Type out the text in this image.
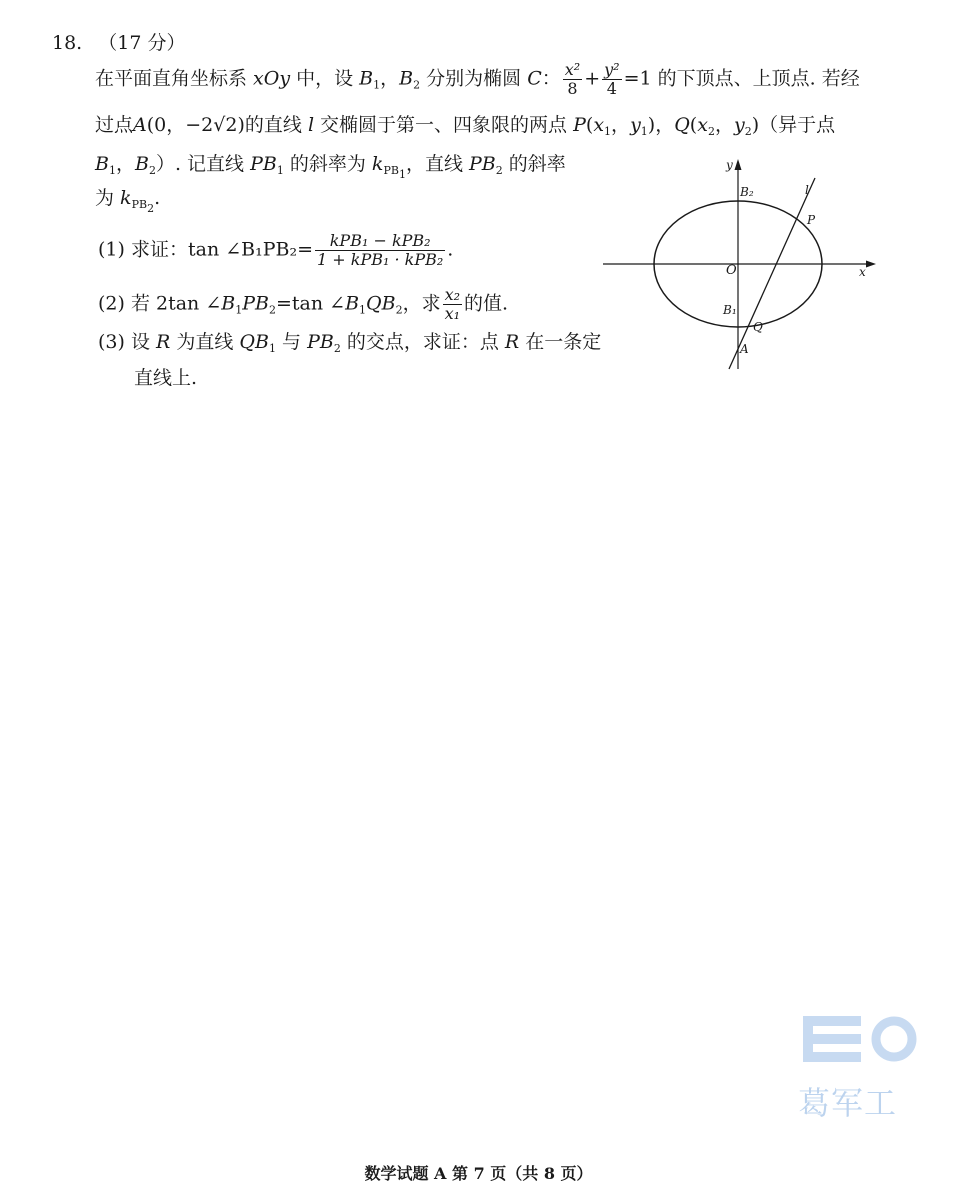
18. （17 分）
在平面直角坐标系 xOy 中，设 $B_1$，$B_2$ 分别为椭圆 C： $\frac{\text{x²}}{8} + \frac{\text{y²}}{4} =1$ 的下顶点、上顶点. 若经
过点A(0，−2√2)的直线 l 交椭圆于第一、四象限的两点 $P(x_1$，$y_1$)，$Q(x_2$，$y_2$)（异于点
$B_1$，$B_2$）. 记直线 $PB_1$ 的斜率为 $k_{PB_1}$，直线 $PB_2$ 的斜率
为 $k_{PB_2}$.
(1) 求证：tan ∠B₁PB₂= $\frac{\text{kPB₁ − kPB₂}}{\text{1 + kPB₁ · kPB₂}}$ .
(2) 若 2tan $\angle B_1PB_2=\tan$ $\angle B_1QB_2$，求 $\frac{\text{x₂}}{\text{x₁}}$ 的值.
(3) 设 R 为直线 $QB_1$ 与 $PB_2$ 的交点，求证：点 R 在一条定
直线上.
y
x
O
B₂
B₁
l
P
Q
A
葛军工
数学试题 A 第 7 页（共 8 页）
